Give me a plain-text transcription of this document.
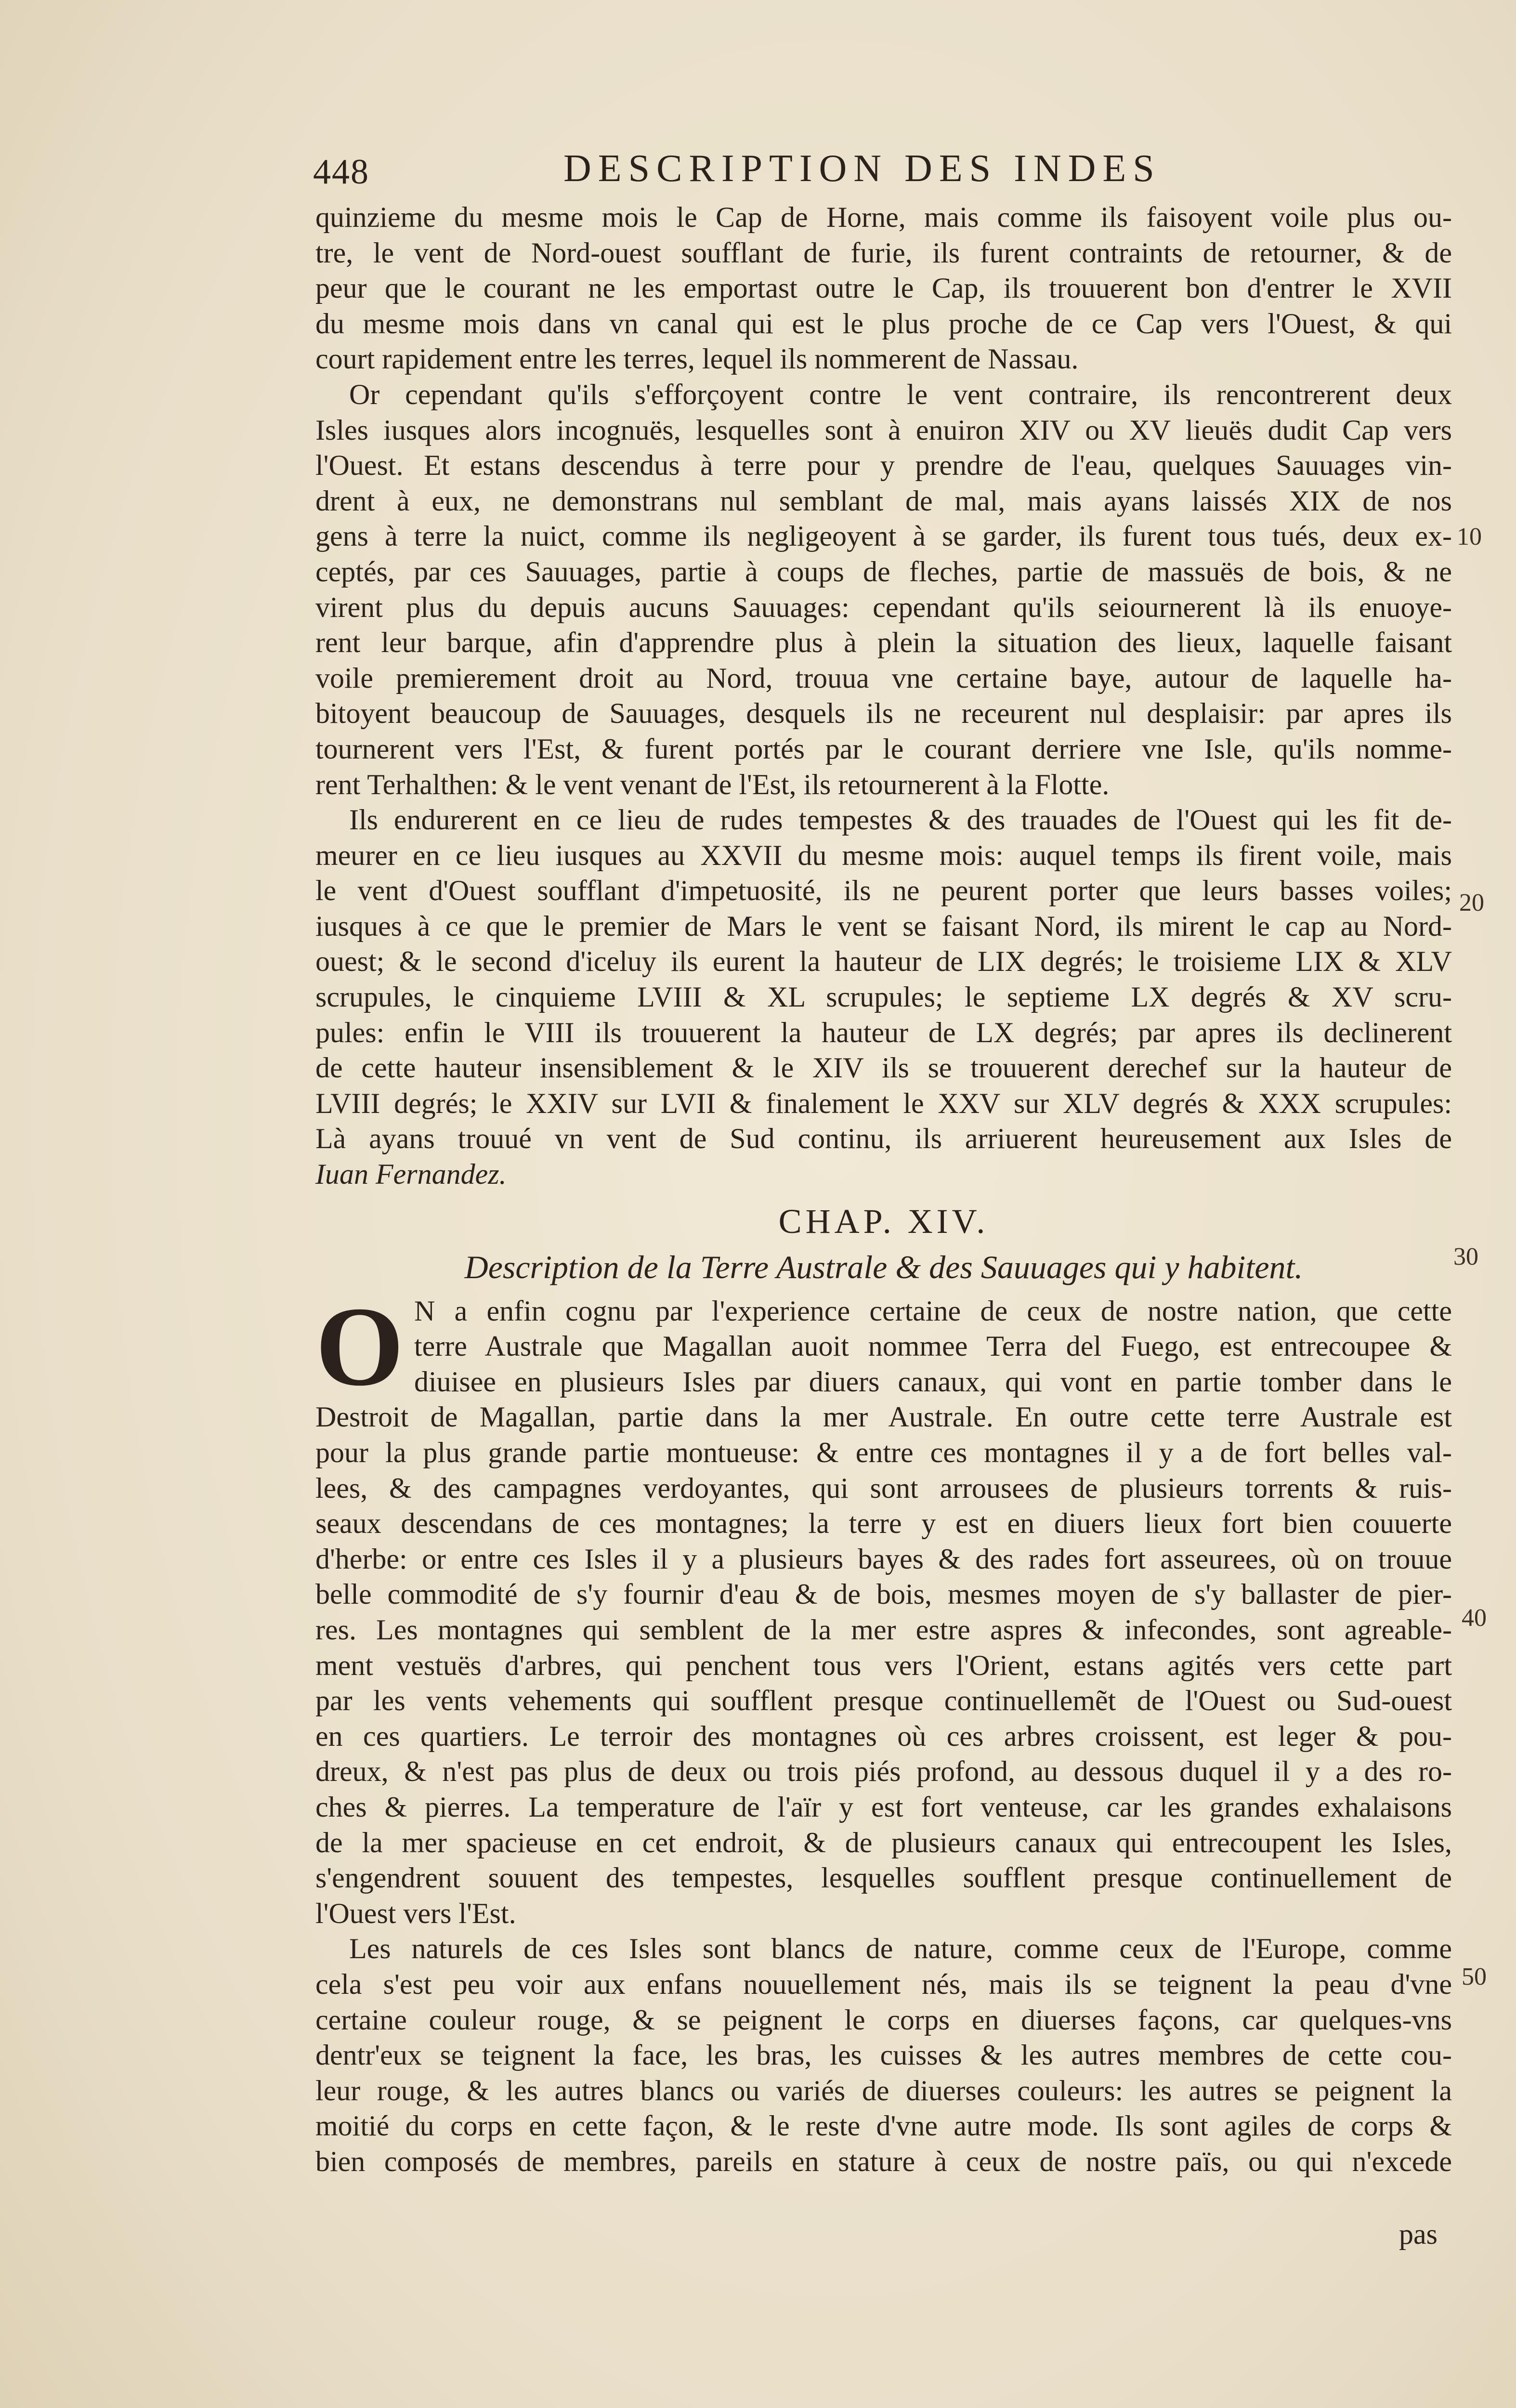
448	DESCRIPTION DES INDES
quinzieme du mesme mois le Cap de Horne, mais comme ils faisoyent voile plus ou-
tre, le vent de Nord-ouest soufflant de furie, ils furent contraints de retourner, & de
peur que le courant ne les emportast outre le Cap, ils trouuerent bon d'entrer le XVII
du mesme mois dans vn canal qui est le plus proche de ce Cap vers l'Ouest, & qui
court rapidement entre les terres, lequel ils nommerent de Nassau.
Or cependant qu'ils s'efforçoyent contre le vent contraire, ils rencontrerent deux
Isles iusques alors incognuës, lesquelles sont à enuiron XIV ou XV lieuës dudit Cap vers
l'Ouest. Et estans descendus à terre pour y prendre de l'eau, quelques Sauuages vin-
drent à eux, ne demonstrans nul semblant de mal, mais ayans laissés XIX de nos
gens à terre la nuict, comme ils negligeoyent à se garder, ils furent tous tués, deux ex-
ceptés, par ces Sauuages, partie à coups de fleches, partie de massuës de bois, & ne
virent plus du depuis aucuns Sauuages: cependant qu'ils seiournerent là ils enuoye-
rent leur barque, afin d'apprendre plus à plein la situation des lieux, laquelle faisant
voile premierement droit au Nord, trouua vne certaine baye, autour de laquelle ha-
bitoyent beaucoup de Sauuages, desquels ils ne receurent nul desplaisir: par apres ils
tournerent vers l'Est, & furent portés par le courant derriere vne Isle, qu'ils nomme-
rent Terhalthen: & le vent venant de l'Est, ils retournerent à la Flotte.
Ils endurerent en ce lieu de rudes tempestes & des trauades de l'Ouest qui les fit de-
meurer en ce lieu iusques au XXVII du mesme mois: auquel temps ils firent voile, mais
le vent d'Ouest soufflant d'impetuosité, ils ne peurent porter que leurs basses voiles;
iusques à ce que le premier de Mars le vent se faisant Nord, ils mirent le cap au Nord-
ouest; & le second d'iceluy ils eurent la hauteur de LIX degrés; le troisieme LIX & XLV
scrupules, le cinquieme LVIII & XL scrupules; le septieme LX degrés & XV scru-
pules: enfin le VIII ils trouuerent la hauteur de LX degrés; par apres ils declinerent
de cette hauteur insensiblement & le XIV ils se trouuerent derechef sur la hauteur de
LVIII degrés; le XXIV sur LVII & finalement le XXV sur XLV degrés & XXX scrupules:
Là ayans trouué vn vent de Sud continu, ils arriuerent heureusement aux Isles de
Iuan Fernandez.
CHAP. XIV.
Description de la Terre Australe & des Sauuages qui y habitent.
O N a enfin cognu par l'experience certaine de ceux de nostre nation, que cette
terre Australe que Magallan auoit nommee Terra del Fuego, est entrecoupee &
diuisee en plusieurs Isles par diuers canaux, qui vont en partie tomber dans le
Destroit de Magallan, partie dans la mer Australe. En outre cette terre Australe est
pour la plus grande partie montueuse: & entre ces montagnes il y a de fort belles val-
lees, & des campagnes verdoyantes, qui sont arrousees de plusieurs torrents & ruis-
seaux descendans de ces montagnes; la terre y est en diuers lieux fort bien couuerte
d'herbe: or entre ces Isles il y a plusieurs bayes & des rades fort asseurees, où on trouue
belle commodité de s'y fournir d'eau & de bois, mesmes moyen de s'y ballaster de pier-
res. Les montagnes qui semblent de la mer estre aspres & infecondes, sont agreable-
ment vestuës d'arbres, qui penchent tous vers l'Orient, estans agités vers cette part
par les vents vehements qui soufflent presque continuellemẽt de l'Ouest ou Sud-ouest
en ces quartiers. Le terroir des montagnes où ces arbres croissent, est leger & pou-
dreux, & n'est pas plus de deux ou trois piés profond, au dessous duquel il y a des ro-
ches & pierres. La temperature de l'aïr y est fort venteuse, car les grandes exhalaisons
de la mer spacieuse en cet endroit, & de plusieurs canaux qui entrecoupent les Isles,
s'engendrent souuent des tempestes, lesquelles soufflent presque continuellement de
l'Ouest vers l'Est.
Les naturels de ces Isles sont blancs de nature, comme ceux de l'Europe, comme
cela s'est peu voir aux enfans nouuellement nés, mais ils se teignent la peau d'vne
certaine couleur rouge, & se peignent le corps en diuerses façons, car quelques-vns
dentr'eux se teignent la face, les bras, les cuisses & les autres membres de cette cou-
leur rouge, & les autres blancs ou variés de diuerses couleurs: les autres se peignent la
moitié du corps en cette façon, & le reste d'vne autre mode. Ils sont agiles de corps &
bien composés de membres, pareils en stature à ceux de nostre païs, ou qui n'excede
10
20
30
40
50
pas
